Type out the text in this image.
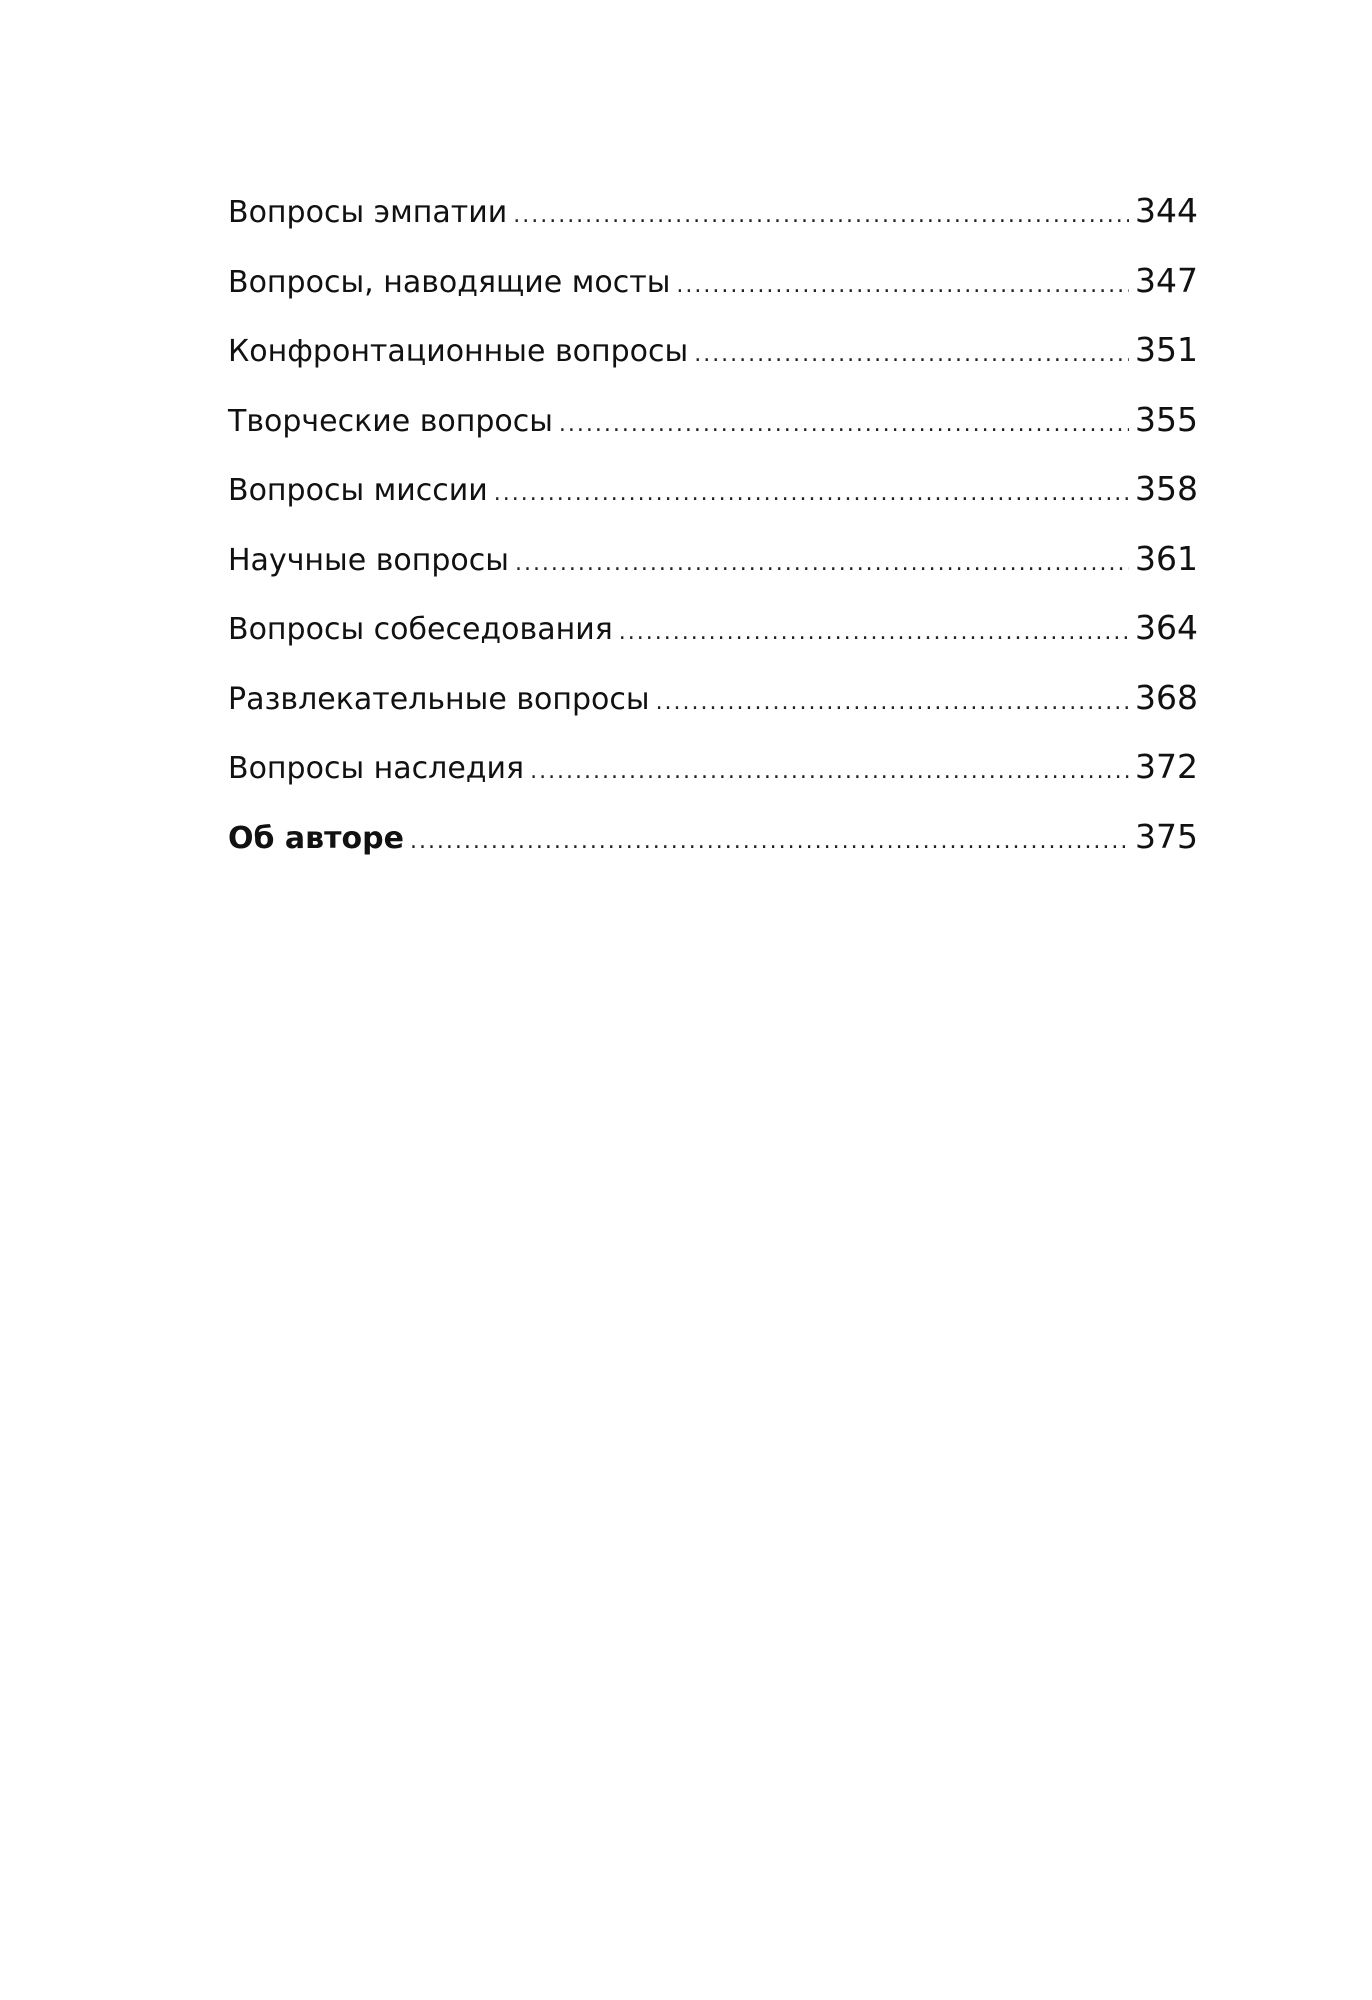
Вопросы эмпатии .....	344
Вопросы, наводящие мосты .....	347
Конфронтационные вопросы .....	351
Творческие вопросы .....	355
Вопросы миссии .....	358
Научные вопросы .....	361
Вопросы собеседования .....	364
Развлекательные вопросы .....	368
Вопросы наследия .....	372
Об авторе .....	375
